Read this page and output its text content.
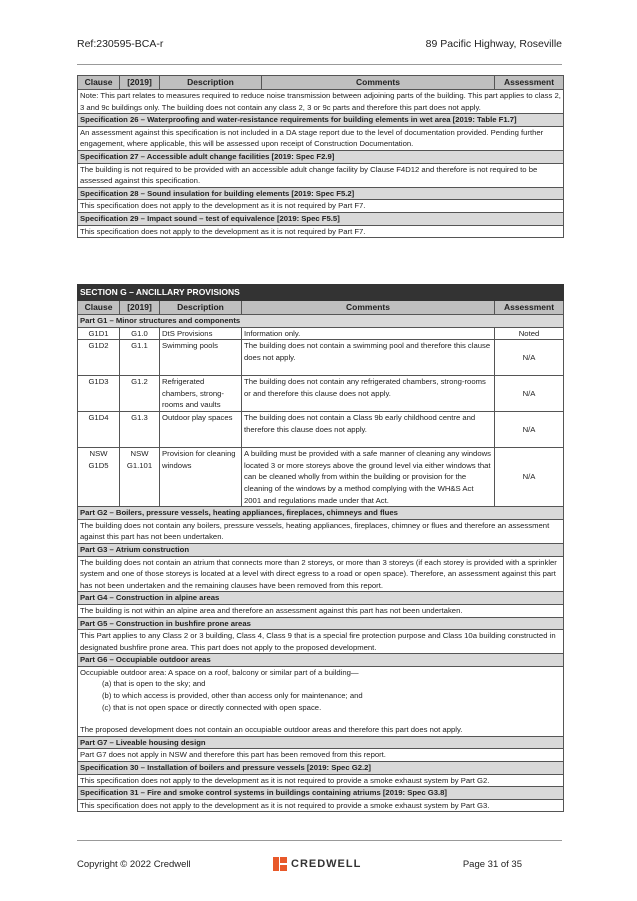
Ref:230595-BCA-r	89 Pacific Highway, Roseville
Clause	[2019]	Description	Comments	Assessment
Note: This part relates to measures required to reduce noise transmission between adjoining parts of the building. This part applies to class 2, 3 and 9c buildings only. The building does not contain any class 2, 3 or 9c parts and therefore this part does not apply.
Specification 26 – Waterproofing and water-resistance requirements for building elements in wet area [2019: Table F1.7]
An assessment against this specification is not included in a DA stage report due to the level of documentation provided. Pending further engagement, where applicable, this will be assessed upon receipt of Construction Documentation.
Specification 27 – Accessible adult change facilities [2019: Spec F2.9]
The building is not required to be provided with an accessible adult change facility by Clause F4D12 and therefore is not required to be assessed against this specification.
Specification 28 – Sound insulation for building elements [2019: Spec F5.2]
This specification does not apply to the development as it is not required by Part F7.
Specification 29 – Impact sound – test of equivalence [2019: Spec F5.5]
This specification does not apply to the development as it is not required by Part F7.
SECTION G – ANCILLARY PROVISIONS				
Clause	[2019]	Description	Comments	Assessment
Part G1 – Minor structures and components				
G1D1	G1.0	DtS Provisions	Information only.	Noted
G1D2	G1.1	Swimming pools	The building does not contain a swimming pool and therefore this clause does not apply.	N/A
G1D3	G1.2	Refrigerated chambers, strong-rooms and vaults	The building does not contain any refrigerated chambers, strong-rooms or and therefore this clause does not apply.	N/A
G1D4	G1.3	Outdoor play spaces	The building does not contain a Class 9b early childhood centre and therefore this clause does not apply.	N/A
NSW G1D5	NSW G1.101	Provision for cleaning windows	A building must be provided with a safe manner of cleaning any windows located 3 or more storeys above the ground level via either windows that can be cleaned wholly from within the building or provision for the cleaning of the windows by a method complying with the WH&S Act 2001 and regulations made under that Act.	N/A
Part G2 – Boilers, pressure vessels, heating appliances, fireplaces, chimneys and flues				
The building does not contain any boilers, pressure vessels, heating appliances, fireplaces, chimney or flues and therefore an assessment against this part has not been undertaken.				
Part G3 – Atrium construction				
The building does not contain an atrium that connects more than 2 storeys, or more than 3 storeys (if each storey is provided with a sprinkler system and one of those storeys is located at a level with direct egress to a road or open space). Therefore, an assessment against this part has not been undertaken and the remaining clauses have been removed from this report.				
Part G4 – Construction in alpine areas				
The building is not within an alpine area and therefore an assessment against this part has not been undertaken.				
Part G5 – Construction in bushfire prone areas				
This Part applies to any Class 2 or 3 building, Class 4, Class 9 that is a special fire protection purpose and Class 10a building constructed in designated bushfire prone area. This part does not apply to the proposed development.				
Part G6 – Occupiable outdoor areas				

Occupiable outdoor area: A space on a roof, balcony or similar part of a building—
(a) that is open to the sky; and
(b) to which access is provided, other than access only for maintenance; and
(c) that is not open space or directly connected with open space.
The proposed development does not contain an occupiable outdoor areas and therefore this part does not apply.				

Part G7 – Liveable housing design				
Part G7 does not apply in NSW and therefore this part has been removed from this report.				
Specification 30 – Installation of boilers and pressure vessels [2019: Spec G2.2]				
This specification does not apply to the development as it is not required to provide a smoke exhaust system by Part G2.				
Specification 31 – Fire and smoke control systems in buildings containing atriums [2019: Spec G3.8]				
This specification does not apply to the development as it is not required to provide a smoke exhaust system by Part G3.				
Copyright © 2022 Credwell	CREDWELL	Page 31 of 35
